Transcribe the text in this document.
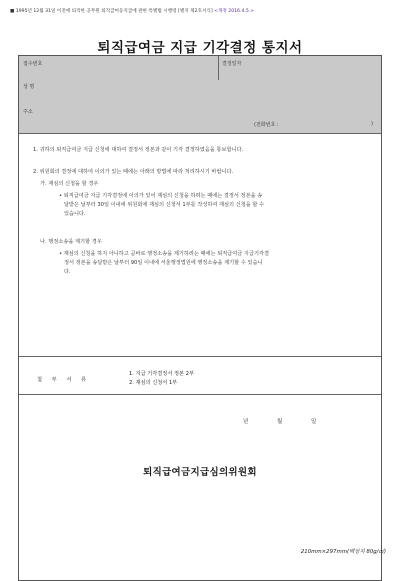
■ 1995년 12월 31일 이전에 퇴직한 공무원 퇴직급여등지급에 관한 특별법 시행령 [별지 제2호서식] <개정 2016.4.5.>
퇴직급여금 지급 기각결정 통지서
접수번호	결정일자
성 명
주소
(전화번호 :	)
1. 귀하의 퇴직급여금 지급 신청에 대하여 결정서 정본과 같이 기각 결정하였음을 통보합니다.
2. 위원회의 결정에 대하여 이의가 있는 때에는 아래의 방법에 따라 처리하시기 바랍니다.
가. 재심의 신청을 할 경우
• 퇴직급여금 지급 기각결정에 이의가 있어 재심의 신청을 하려는 때에는 결정서 정본을 송
달받은 날부터 30일 이내에 위원회에 재심의 신청서 1부를 작성하여 재심의 신청을 할 수
있습니다.
나. 행정소송을 제기할 경우
• 재심의 신청을 하지 아니하고 곧바로 행정소송을 제기하려는 때에는 퇴직급여금 지급기각결
정서 정본을 송달받은 날부터 90일 이내에 서울행정법원에 행정소송을 제기할 수 있습니
다.
첨 부 서 류
1. 지급 기각결정서 정본 2부
2. 재심의 신청서 1부
년	월	일
퇴직급여금지급심의위원회
210mm×297mm(백상지 80g/㎡)
